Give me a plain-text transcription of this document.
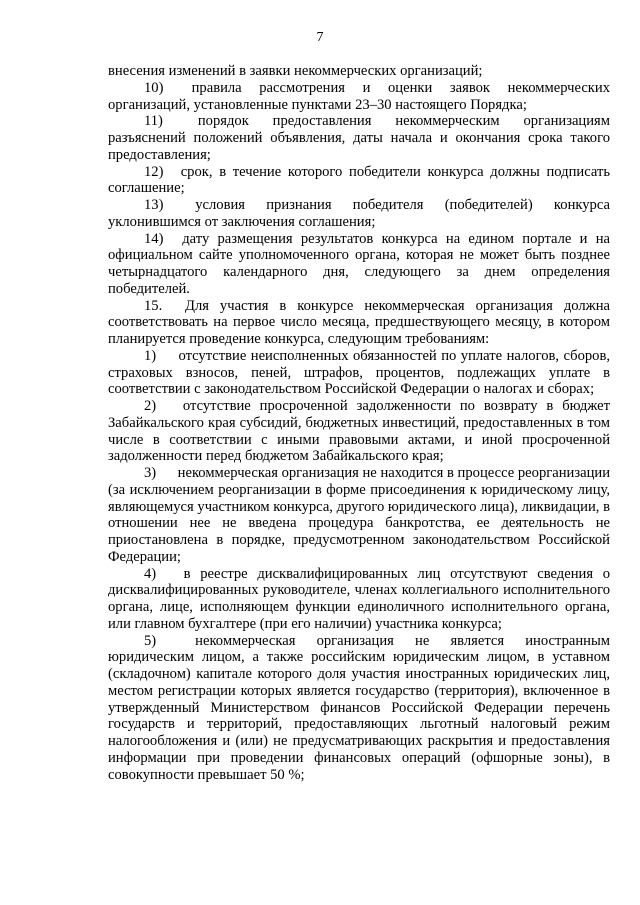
7

внесения изменений в заявки некоммерческих организаций;

10) правила рассмотрения и оценки заявок некоммерческих организаций, установленные пунктами 23–30 настоящего Порядка;

11) порядок предоставления некоммерческим организациям разъяснений положений объявления, даты начала и окончания срока такого предоставления;

12) срок, в течение которого победители конкурса должны подписать соглашение;

13) условия признания победителя (победителей) конкурса уклонившимся от заключения соглашения;

14) дату размещения результатов конкурса на едином портале и на официальном сайте уполномоченного органа, которая не может быть позднее четырнадцатого календарного дня, следующего за днем определения победителей.

15. Для участия в конкурсе некоммерческая организация должна соответствовать на первое число месяца, предшествующего месяцу, в котором планируется проведение конкурса, следующим требованиям:

1) отсутствие неисполненных обязанностей по уплате налогов, сборов, страховых взносов, пеней, штрафов, процентов, подлежащих уплате в соответствии с законодательством Российской Федерации о налогах и сборах;

2) отсутствие просроченной задолженности по возврату в бюджет Забайкальского края субсидий, бюджетных инвестиций, предоставленных в том числе в соответствии с иными правовыми актами, и иной просроченной задолженности перед бюджетом Забайкальского края;

3) некоммерческая организация не находится в процессе реорганизации (за исключением реорганизации в форме присоединения к юридическому лицу, являющемуся участником конкурса, другого юридического лица), ликвидации, в отношении нее не введена процедура банкротства, ее деятельность не приостановлена в порядке, предусмотренном законодательством Российской Федерации;

4) в реестре дисквалифицированных лиц отсутствуют сведения о дисквалифицированных руководителе, членах коллегиального исполнительного органа, лице, исполняющем функции единоличного исполнительного органа, или главном бухгалтере (при его наличии) участника конкурса;

5)	некоммерческая организация не является иностранным юридическим лицом, а также российским юридическим лицом, в уставном (складочном) капитале которого доля участия иностранных юридических лиц, местом регистрации которых является государство (территория), включенное в утвержденный Министерством финансов Российской Федерации перечень государств и территорий, предоставляющих льготный налоговый режим налогообложения и (или) не предусматривающих раскрытия и предоставления информации при проведении финансовых операций (офшорные зоны), в совокупности превышает 50 %;
